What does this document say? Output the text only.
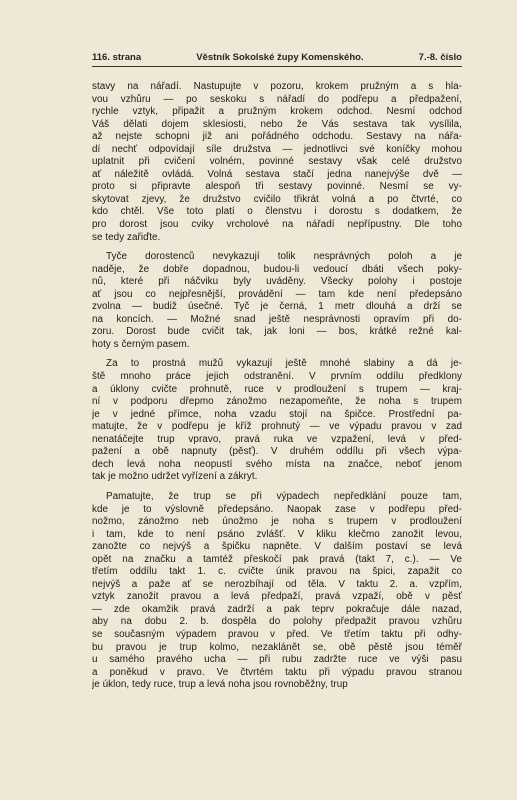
116. strana	Věstník Sokolské župy Komenského.	7.-8. číslo
stavy na nářadí. Nastupujte v pozoru, krokem pružným a s hla-
vou vzhůru — po seskoku s nářadí do podřepu a předpažení,
rychle vztyk, připažit a pružným krokem odchod. Nesmí odchod
Váš dělati dojem sklesiosti, nebo že Vás sestava tak vysílila,
až nejste schopni již ani pořádného odchodu. Sestavy na nářa-
dí nechť odpovídají síle družstva — jednotlivci své koníčky mohou
uplatnit při cvičení volném, povinné sestavy však celé družstvo
ať náležitě ovládá. Volná sestava stačí jedna nanejvýše dvě —
proto si připravte alespoň tři sestavy povinné. Nesmí se vy-
skytovat zjevy, že družstvo cvičilo třikrát volná a po čtvrté, co
kdo chtěl. Vše toto platí o členstvu i dorostu s dodatkem, že
pro dorost jsou cviky vrcholové na nářadí nepřípustny. Dle toho
se tedy zařiďte.
Tyče dorostenců nevykazují tolik nesprávných poloh a je
naděje, že dobře dopadnou, budou-li vedoucí dbáti všech poky-
nů, které při náčviku byly uváděny. Všecky polohy i postoje
ať jsou co nejpřesnější, provádění — tam kde není předepsáno
zvolna — budiž úsečné. Tyč je černá, 1 metr dlouhá a drží se
na koncích. — Možné snad ještě nesprávnosti opravím při do-
zoru. Dorost bude cvičit tak, jak loni — bos, krátké režné kal-
hoty s černým pasem.
Za to prostná mužů vykazují ještě mnohé slabiny a dá je-
ště mnoho práce jejich odstranění. V prvním oddílu předklony
a úklony cvičte prohnutě, ruce v prodloužení s trupem — kraj-
ní v podporu dřepmo zánožmo nezapomeňte, že noha s trupem
je v jedné přímce, noha vzadu stojí na špičce. Prostřední pa-
matujte, že v podřepu je kříž prohnutý — ve výpadu pravou v zad
nenatáčejte trup vpravo, pravá ruka ve vzpažení, levá v před-
pažení a obě napnuty (pěsť). V druhém oddílu při všech výpa-
dech levá noha neopustí svého místa na značce, neboť jenom
tak je možno udržet vyřízení a zákryt.
Pamatujte, že trup se při výpadech nepředklání pouze tam,
kde je to výslovně předepsáno. Naopak zase v podřepu před-
nožmo, zánožmo neb únožmo je noha s trupem v prodloužení
i tam, kde to není psáno zvlášť. V kliku klečmo zanožit levou,
zanožte co nejvýš a špičku napněte. V dalším postaví se levá
opět na značku a tamtéž přeskočí pak pravá (takt 7, c.). — Ve
třetím oddílu takt 1. c. cvičte únik pravou na špici, zapažit co
nejvýš a paže ať se nerozbíhají od těla. V taktu 2. a. vzpřím,
vztyk zanožit pravou a levá předpaží, pravá vzpaží, obě v pěsť
— zde okamžik pravá zadrží a pak teprv pokračuje dále nazad,
aby na dobu 2. b. dospěla do polohy předpažit pravou vzhůru
se současným výpadem pravou v před. Ve třetím taktu při odhy-
bu pravou je trup kolmo, nezaklánět se, obě pěstě jsou téměř
u samého pravého ucha — při rubu zadržte ruce ve výši pasu
a poněkud v pravo. Ve čtvrtém taktu při výpadu pravou stranou
je úklon, tedy ruce, trup a levá noha jsou rovnoběžny, trup
